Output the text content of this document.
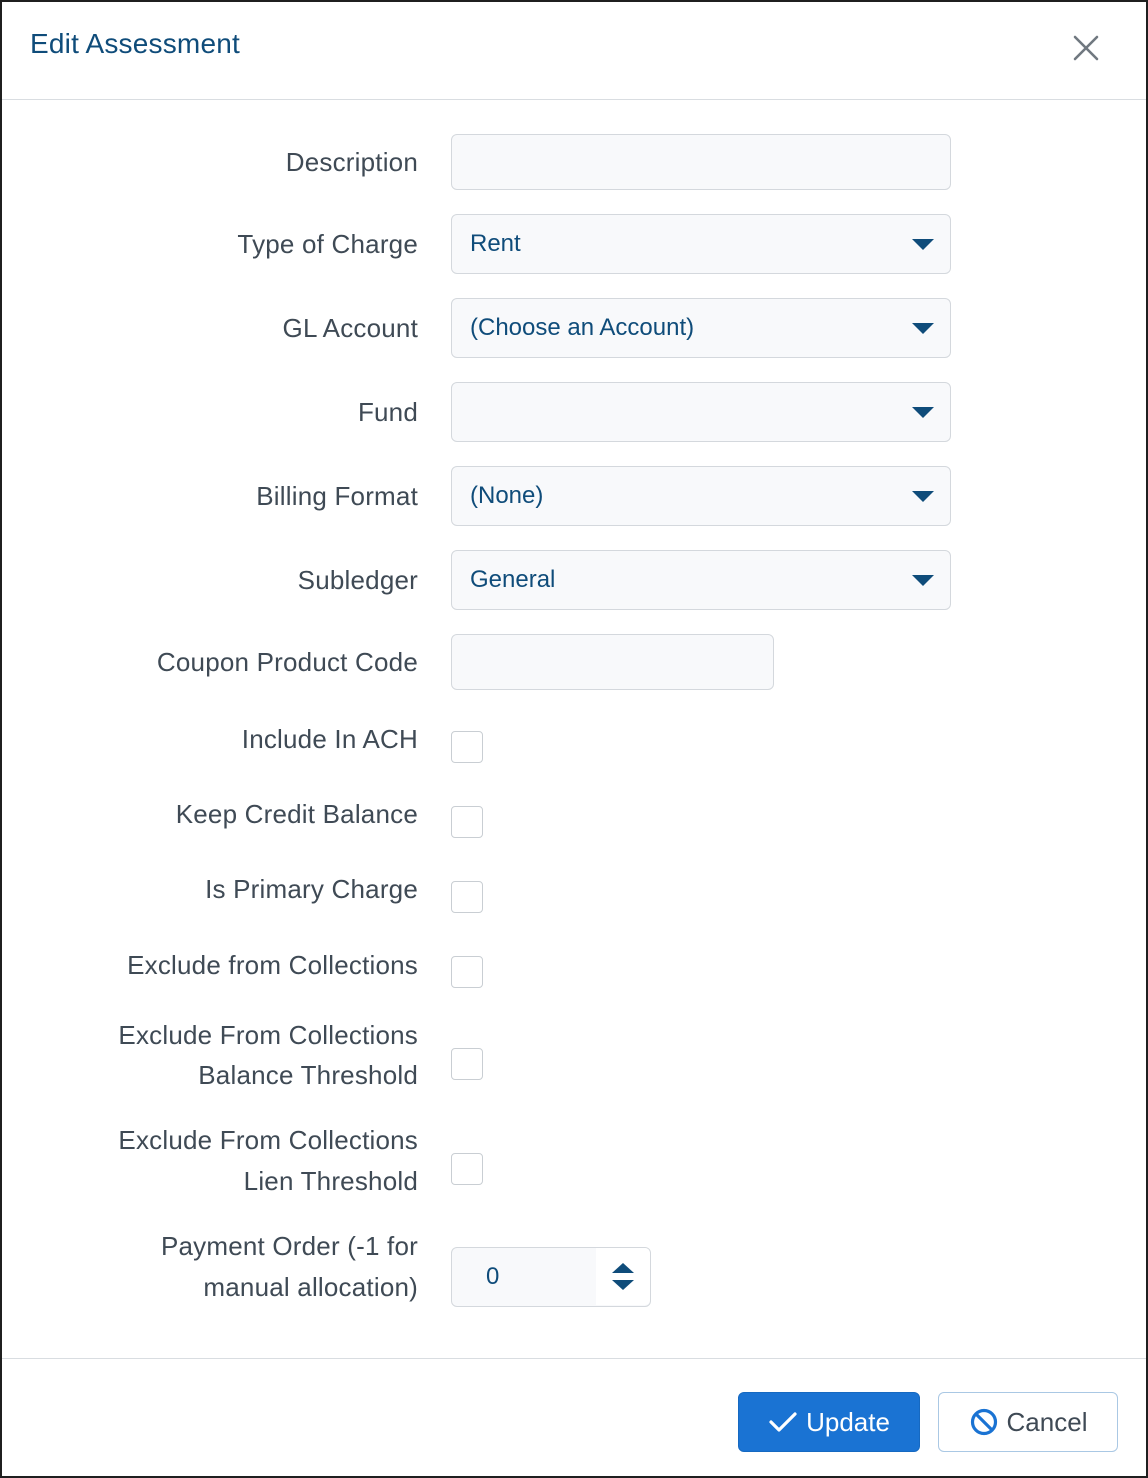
Edit Assessment
Description
Type of Charge Rent
GL Account (Choose an Account)
Fund
Billing Format (None)
Subledger General
Coupon Product Code
Include In ACH
Keep Credit Balance
Is Primary Charge
Exclude from Collections
Exclude From Collections
Balance Threshold
Exclude From Collections
Lien Threshold
Payment Order (-1 for
manual allocation)	0
Update	Cancel
